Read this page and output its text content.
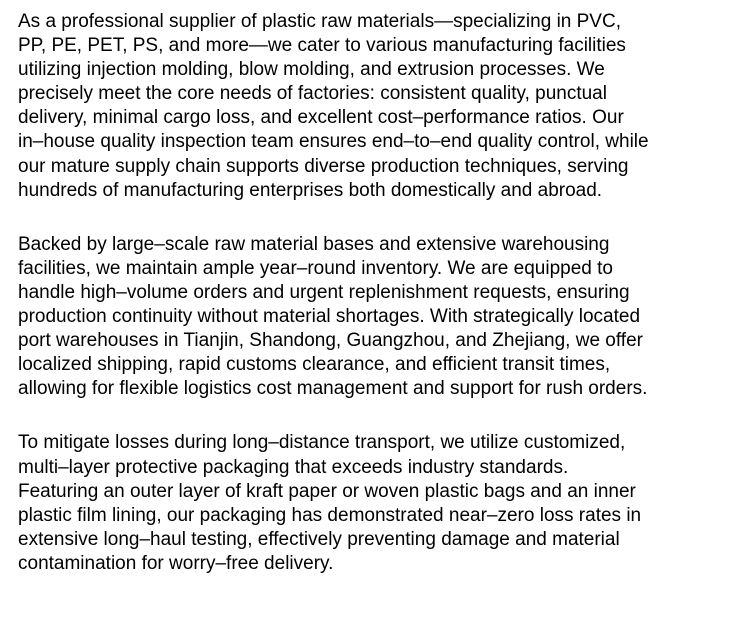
As a professional supplier of plastic raw materials—specializing in PVC,
PP, PE, PET, PS, and more—we cater to various manufacturing facilities
utilizing injection molding, blow molding, and extrusion processes. We
precisely meet the core needs of factories: consistent quality, punctual
delivery, minimal cargo loss, and excellent cost–performance ratios. Our
in–house quality inspection team ensures end–to–end quality control, while
our mature supply chain supports diverse production techniques, serving
hundreds of manufacturing enterprises both domestically and abroad.

Backed by large–scale raw material bases and extensive warehousing
facilities, we maintain ample year–round inventory. We are equipped to
handle high–volume orders and urgent replenishment requests, ensuring
production continuity without material shortages. With strategically located
port warehouses in Tianjin, Shandong, Guangzhou, and Zhejiang, we offer
localized shipping, rapid customs clearance, and efficient transit times,
allowing for flexible logistics cost management and support for rush orders.

To mitigate losses during long–distance transport, we utilize customized,
multi–layer protective packaging that exceeds industry standards.
Featuring an outer layer of kraft paper or woven plastic bags and an inner
plastic film lining, our packaging has demonstrated near–zero loss rates in
extensive long–haul testing, effectively preventing damage and material
contamination for worry–free delivery.
